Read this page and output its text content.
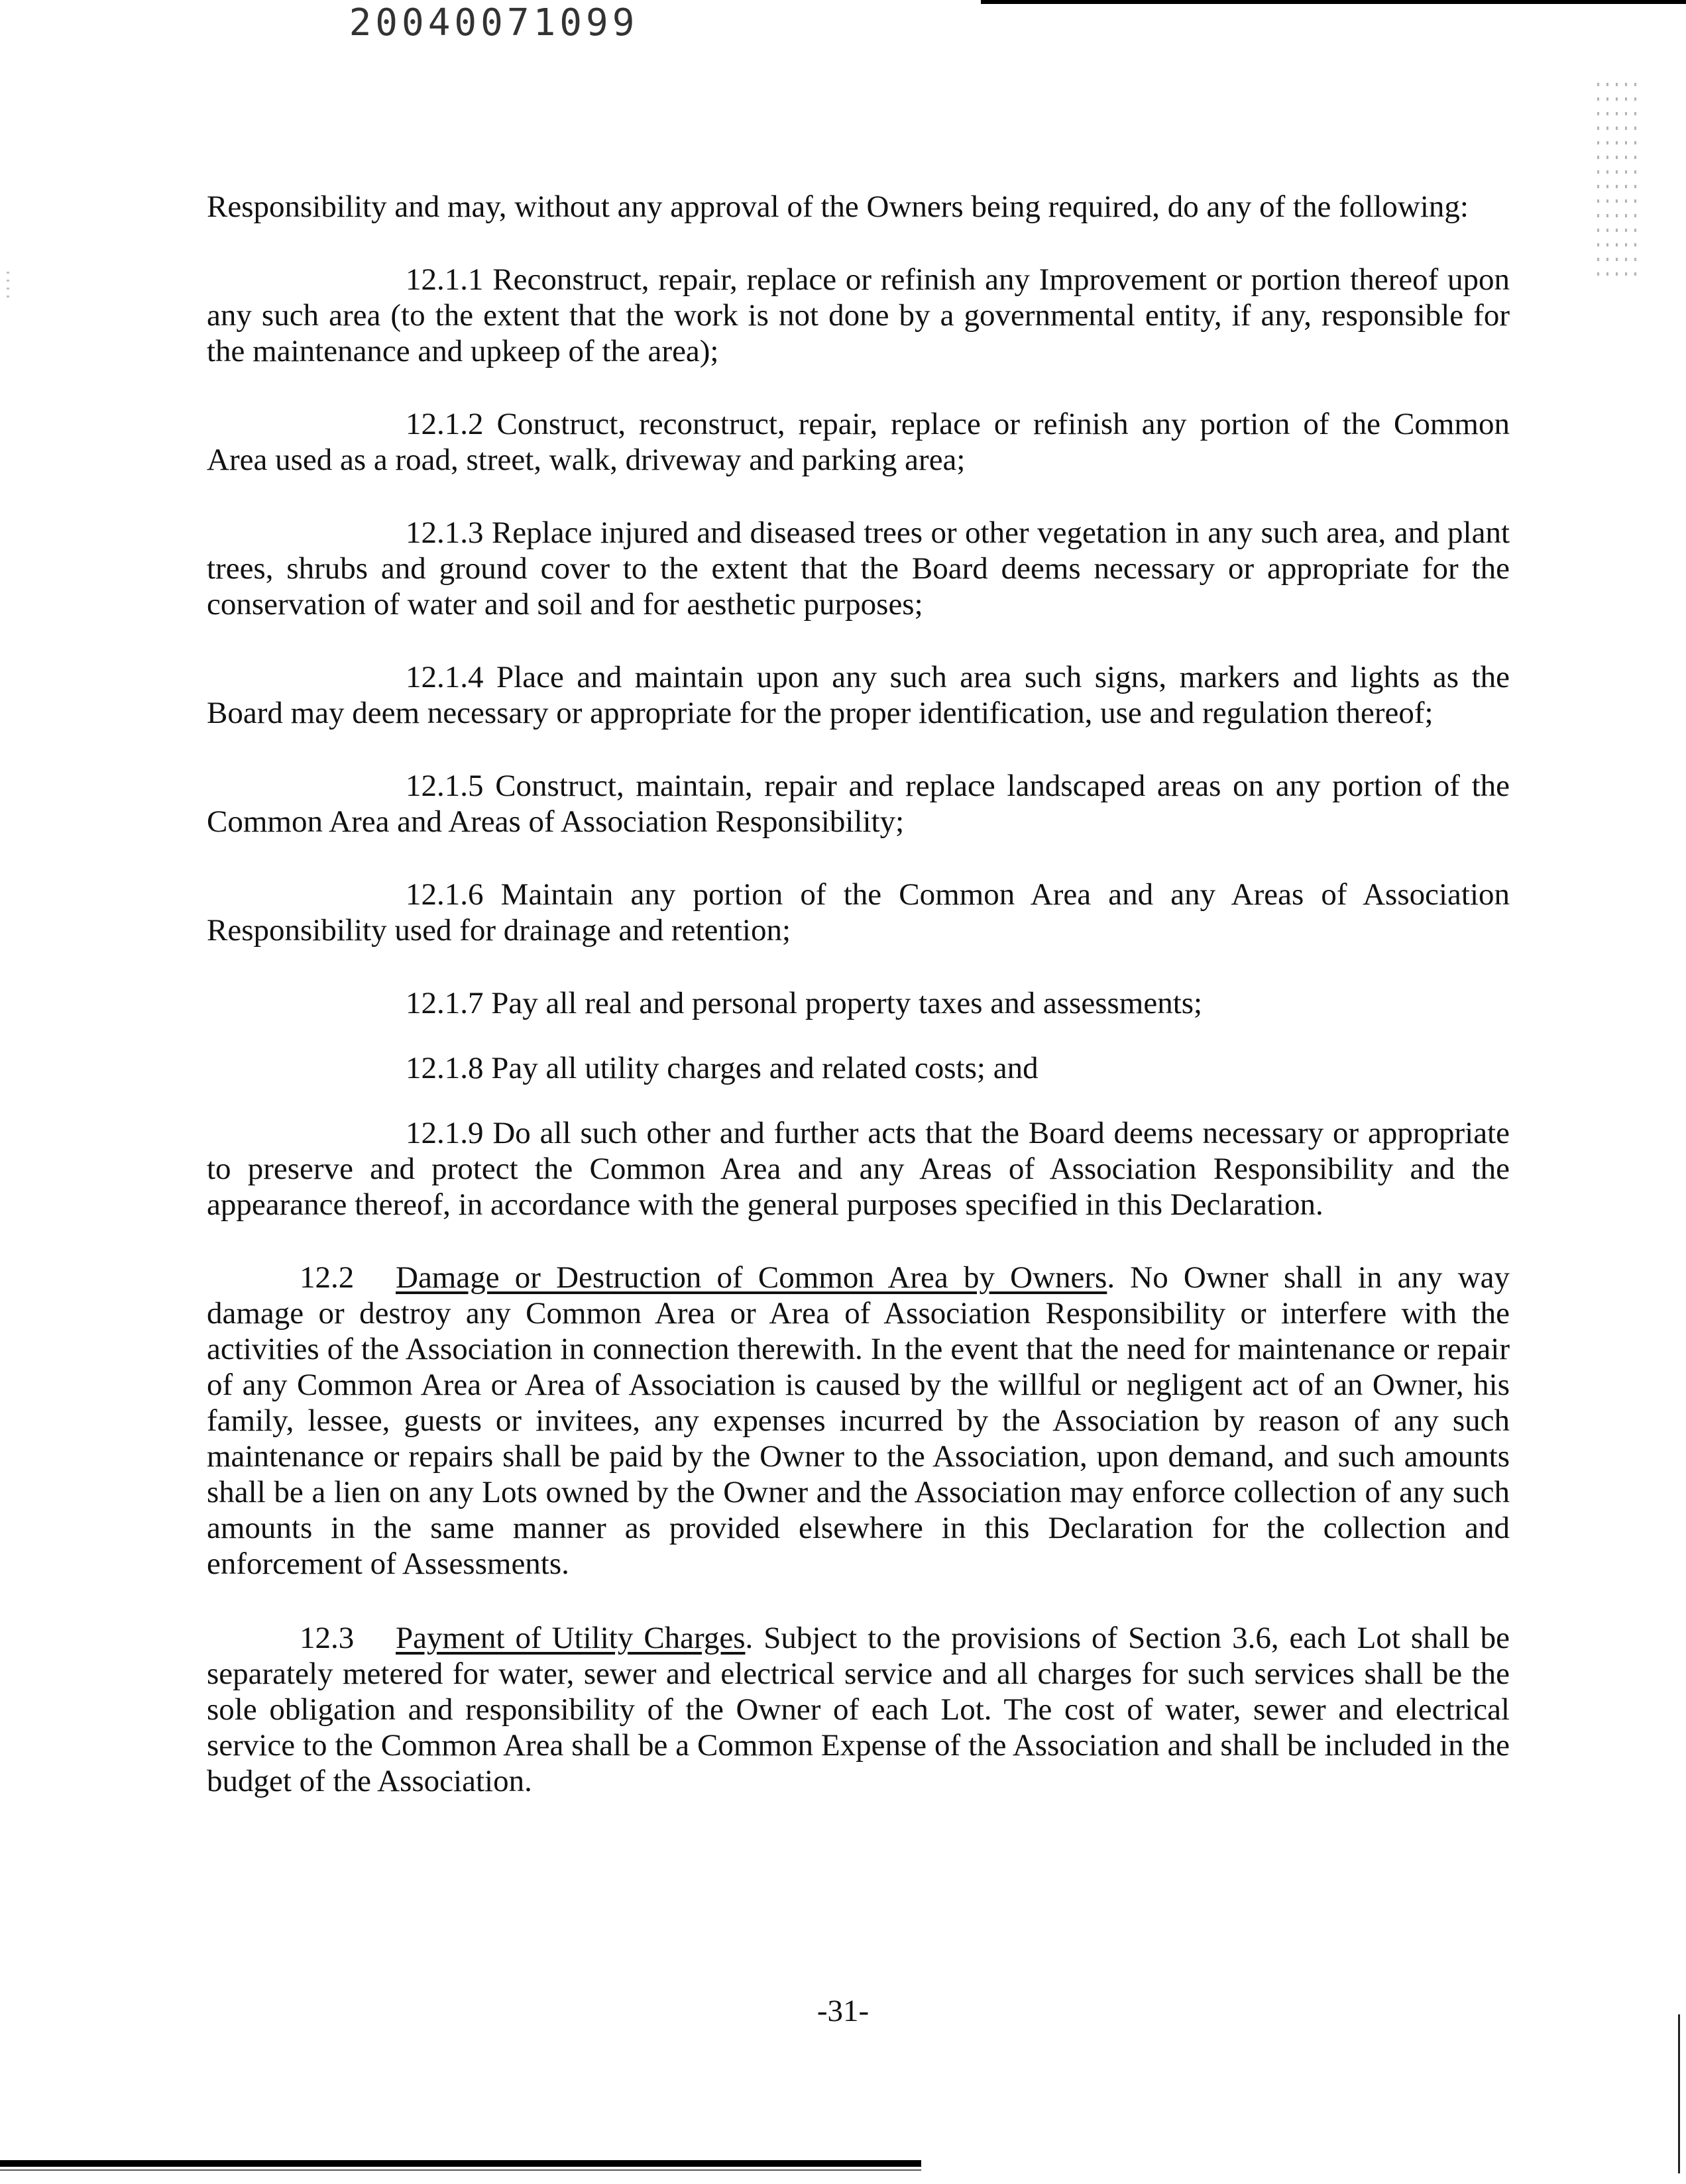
20040071099

Responsibility and may, without any approval of the Owners being required, do any of the following:

12.1.1 Reconstruct, repair, replace or refinish any Improvement or portion thereof upon any such area (to the extent that the work is not done by a governmental entity, if any, responsible for the maintenance and upkeep of the area);

12.1.2 Construct, reconstruct, repair, replace or refinish any portion of the Common Area used as a road, street, walk, driveway and parking area;

12.1.3 Replace injured and diseased trees or other vegetation in any such area, and plant trees, shrubs and ground cover to the extent that the Board deems necessary or appropriate for the conservation of water and soil and for aesthetic purposes;

12.1.4 Place and maintain upon any such area such signs, markers and lights as the Board may deem necessary or appropriate for the proper identification, use and regulation thereof;

12.1.5 Construct, maintain, repair and replace landscaped areas on any portion of the Common Area and Areas of Association Responsibility;

12.1.6 Maintain any portion of the Common Area and any Areas of Association Responsibility used for drainage and retention;

12.1.7 Pay all real and personal property taxes and assessments;

12.1.8 Pay all utility charges and related costs; and

12.1.9 Do all such other and further acts that the Board deems necessary or appropriate to preserve and protect the Common Area and any Areas of Association Responsibility and the appearance thereof, in accordance with the general purposes specified in this Declaration.

12.2 Damage or Destruction of Common Area by Owners. No Owner shall in any way damage or destroy any Common Area or Area of Association Responsibility or interfere with the activities of the Association in connection therewith. In the event that the need for maintenance or repair of any Common Area or Area of Association is caused by the willful or negligent act of an Owner, his family, lessee, guests or invitees, any expenses incurred by the Association by reason of any such maintenance or repairs shall be paid by the Owner to the Association, upon demand, and such amounts shall be a lien on any Lots owned by the Owner and the Association may enforce collection of any such amounts in the same manner as provided elsewhere in this Declaration for the collection and enforcement of Assessments.

12.3 Payment of Utility Charges. Subject to the provisions of Section 3.6, each Lot shall be separately metered for water, sewer and electrical service and all charges for such services shall be the sole obligation and responsibility of the Owner of each Lot. The cost of water, sewer and electrical service to the Common Area shall be a Common Expense of the Association and shall be included in the budget of the Association.

-31-
